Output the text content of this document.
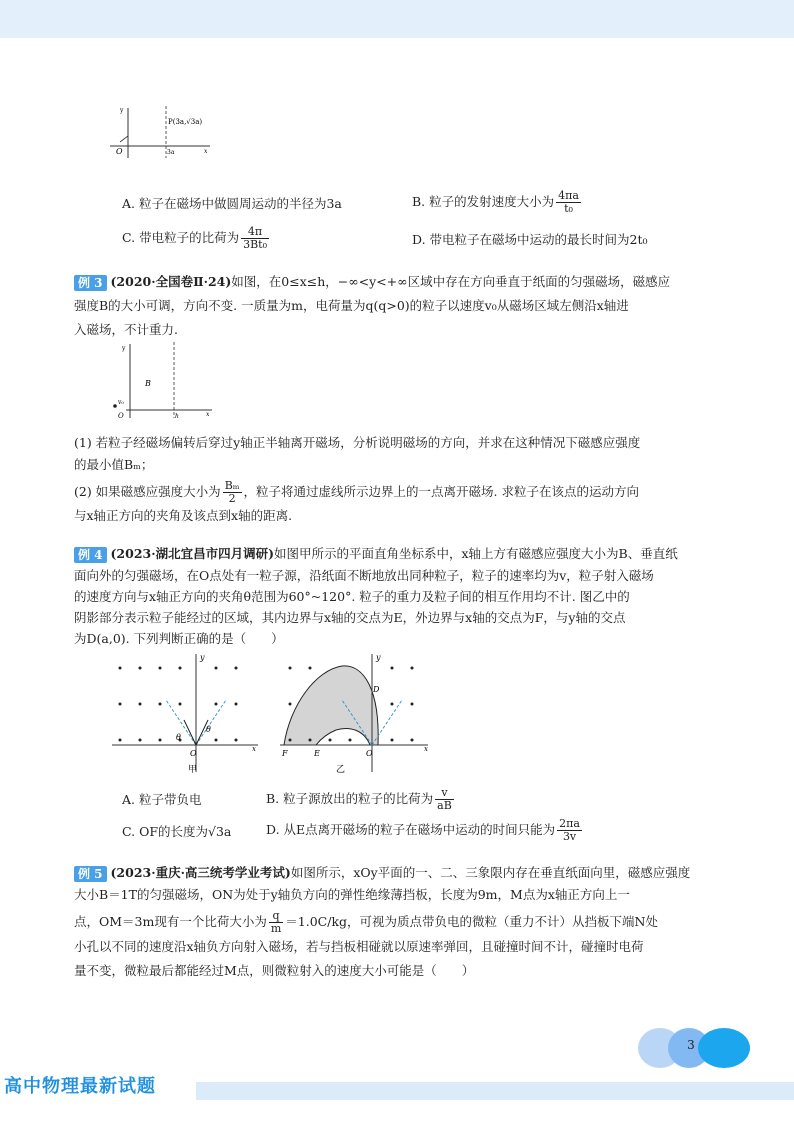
y
P(3a,√3a)
O	3a	x
A. 粒子在磁场中做圆周运动的半径为3a	B. 粒子的发射速度大小为 $\frac{4\pi a}{\text{t₀}}$
C. 带电粒子的比荷为 $\frac{4\pi}{\text{3Bt₀}}$	D. 带电粒子在磁场中运动的最长时间为2t₀
例 3 (2020·全国卷Ⅱ·24)如图，在0≤x≤h，−∞<y<+∞区域中存在方向垂直于纸面的匀强磁场，磁感应
强度B的大小可调，方向不变. 一质量为m，电荷量为q(q>0)的粒子以速度v₀从磁场区域左侧沿x轴进
入磁场，不计重力.
y
B
v₀
O	h	x
(1) 若粒子经磁场偏转后穿过y轴正半轴离开磁场，分析说明磁场的方向，并求在这种情况下磁感应强度
的最小值Bₘ；
(2) 如果磁感应强度大小为 $\frac{\text{Bₘ}}{2}$ ，粒子将通过虚线所示边界上的一点离开磁场. 求粒子在该点的运动方向
与x轴正方向的夹角及该点到x轴的距离.
例 4 (2023·湖北宜昌市四月调研)如图甲所示的平面直角坐标系中，x轴上方有磁感应强度大小为B、垂直纸
面向外的匀强磁场，在O点处有一粒子源，沿纸面不断地放出同种粒子，粒子的速率均为v，粒子射入磁场
的速度方向与x轴正方向的夹角θ范围为60°~120°. 粒子的重力及粒子间的相互作用均不计. 图乙中的
阴影部分表示粒子能经过的区域，其内边界与x轴的交点为E，外边界与x轴的交点为F，与y轴的交点
为D(a,0). 下列判断正确的是（　　）
y
O	x
θ
θ
甲
y
D
F	E	O	x
乙
A. 粒子带负电	B. 粒子源放出的粒子的比荷为 $\frac{v}{aB}$
C. OF的长度为√3a	D. 从E点离开磁场的粒子在磁场中运动的时间只能为 $\frac{2\pi a}{3v}$
例 5 (2023·重庆·高三统考学业考试)如图所示，xOy平面的一、二、三象限内存在垂直纸面向里，磁感应强度
大小B＝1T的匀强磁场，ON为处于y轴负方向的弹性绝缘薄挡板，长度为9m，M点为x轴正方向上一
点，OM＝3m现有一个比荷大小为 $\frac{q}{m} =1.0C/kg$，可视为质点带负电的微粒（重力不计）从挡板下端N处
小孔以不同的速度沿x轴负方向射入磁场，若与挡板相碰就以原速率弹回，且碰撞时间不计，碰撞时电荷
量不变，微粒最后都能经过M点，则微粒射入的速度大小可能是（　　）
3
高中物理最新试题
